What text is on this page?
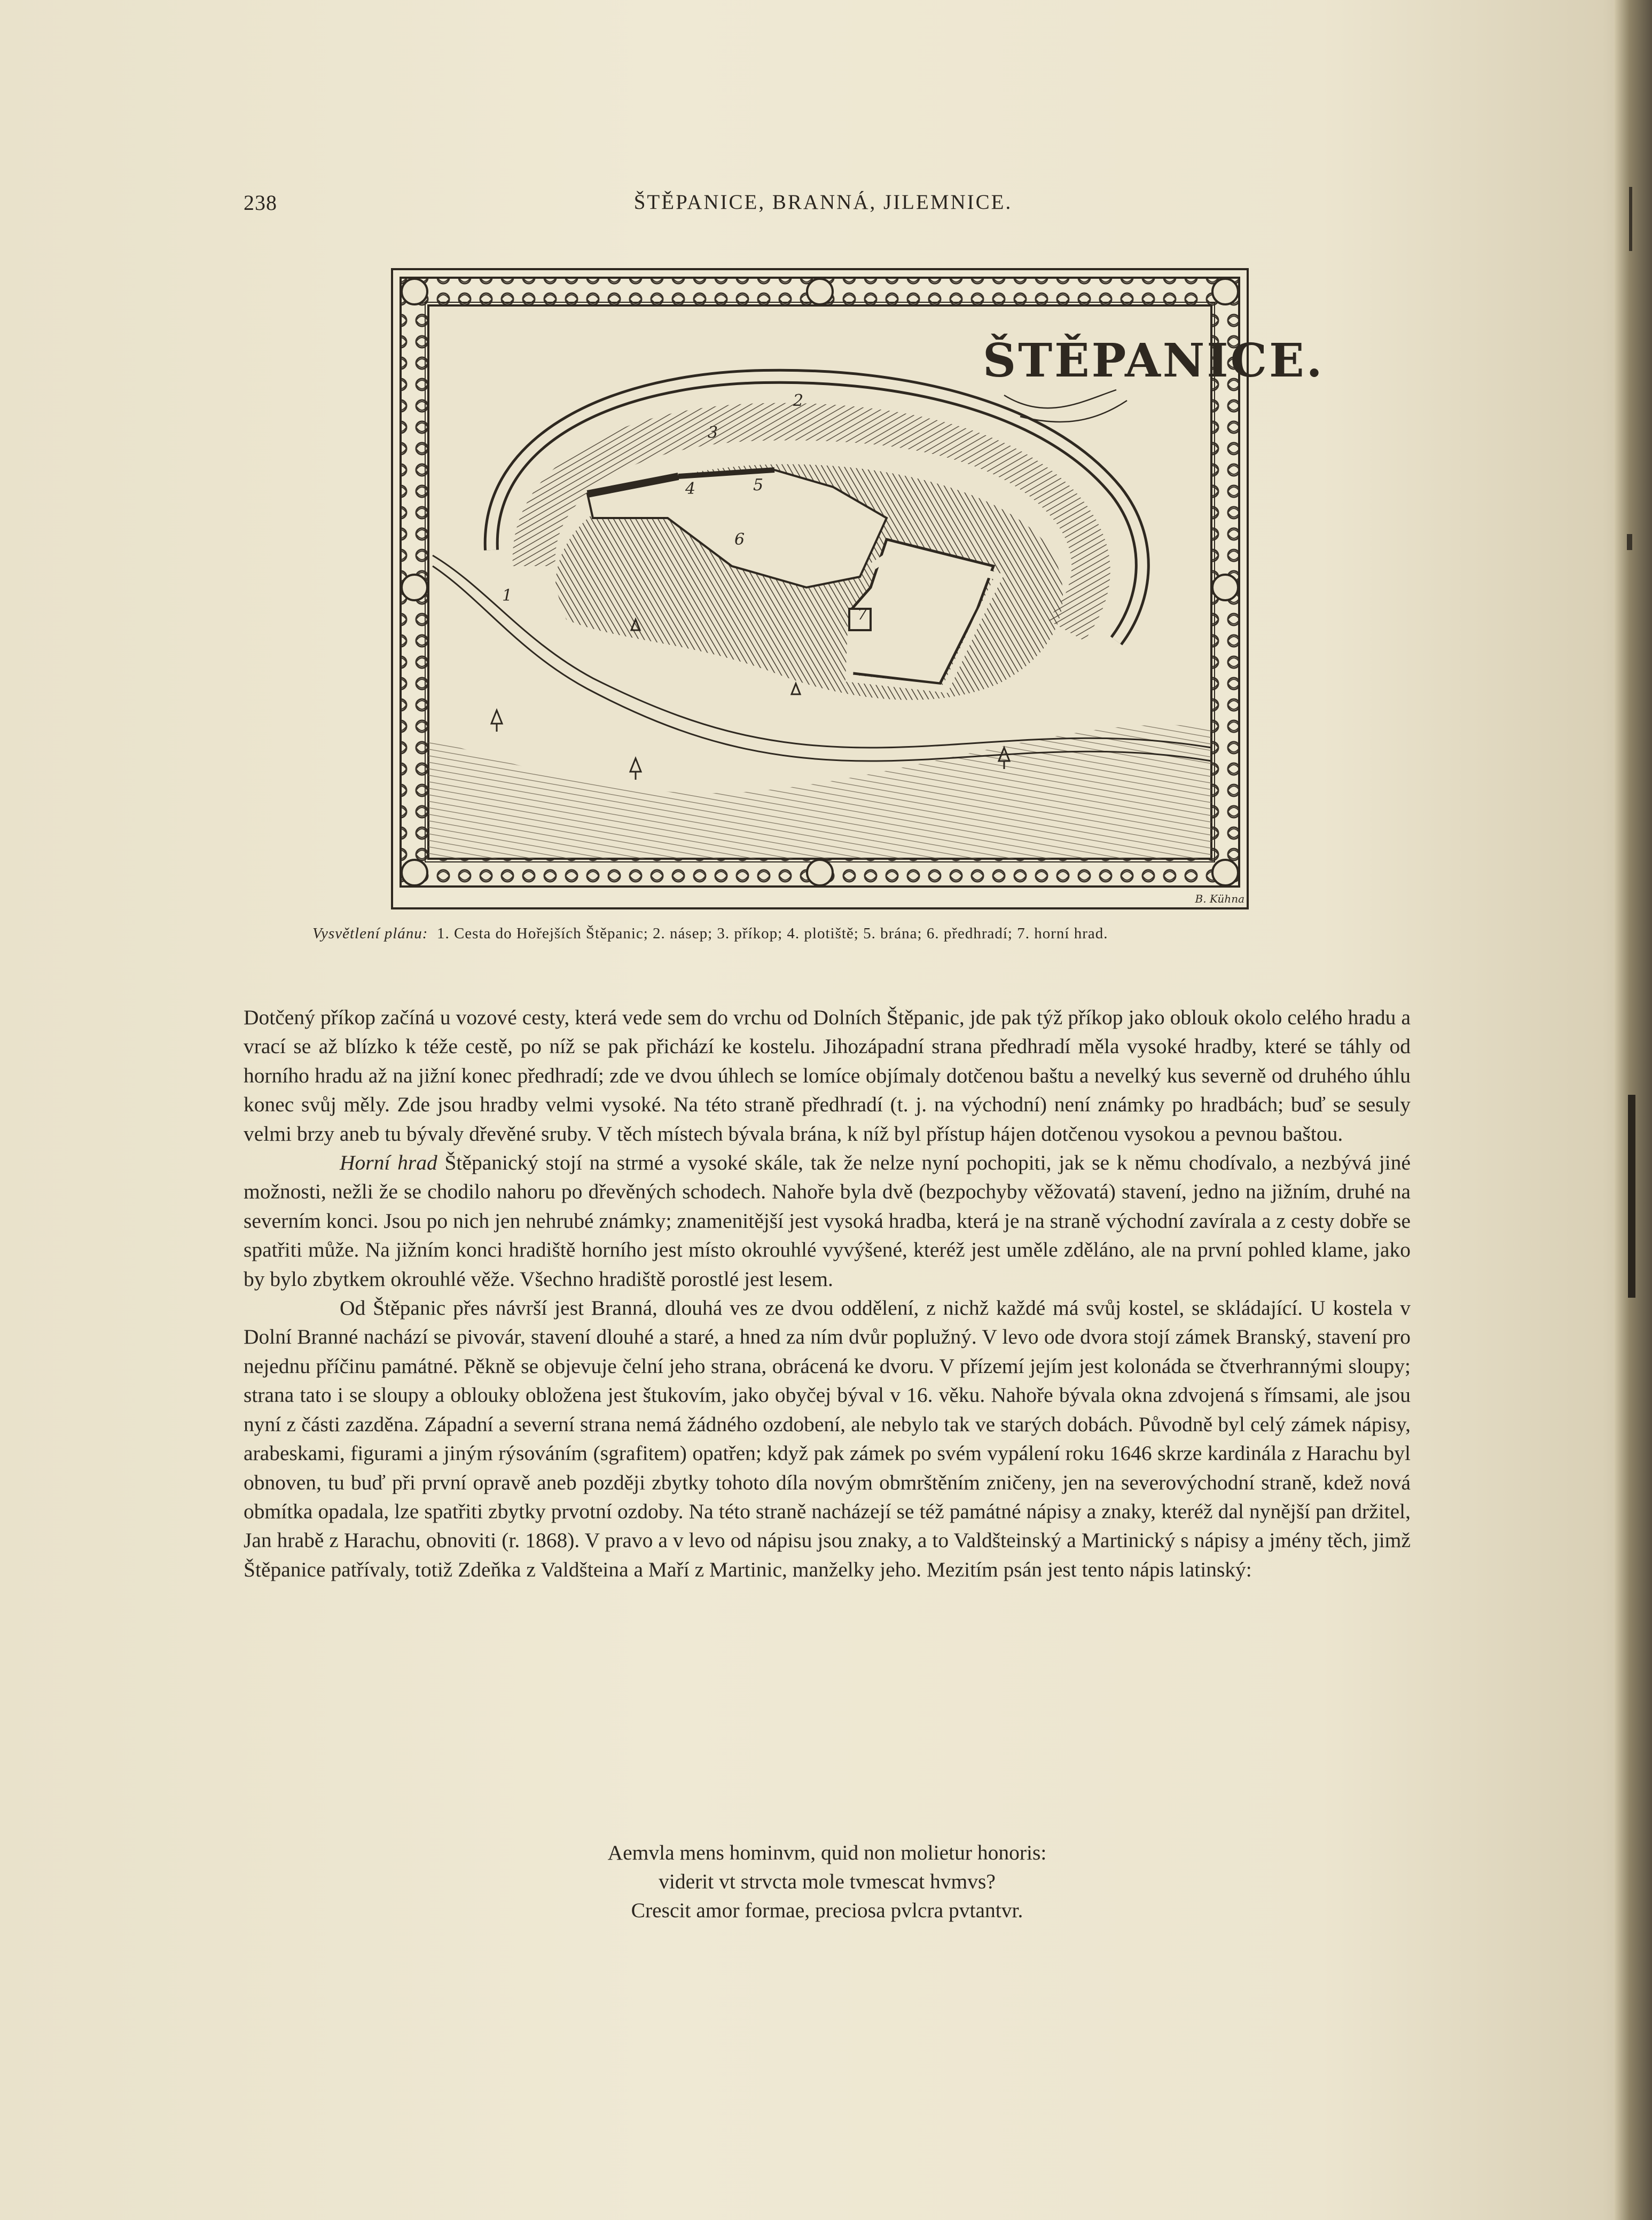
238	ŠTĚPANICE, BRANNÁ, JILEMNICE.
ŠTĚPANICE.
1
2
3
4	5
6
7
B. Kühna
Vysvětlení plánu: 1. Cesta do Hořejších Štěpanic; 2. násep; 3. příkop; 4. plotiště; 5. brána; 6. předhradí; 7. horní hrad.

Dotčený příkop začíná u vozové cesty, která vede sem do vrchu od Dolních Štěpanic, jde pak týž příkop jako oblouk okolo celého hradu a vrací se až blízko k téže cestě, po níž se pak přichází ke kostelu. Jihozápadní strana předhradí měla vysoké hradby, které se táhly od horního hradu až na jižní konec předhradí; zde ve dvou úhlech se lomíce objímaly dotčenou baštu a nevelký kus severně od druhého úhlu konec svůj měly. Zde jsou hradby velmi vysoké. Na této straně předhradí (t. j. na východní) není známky po hradbách; buď se sesuly velmi brzy aneb tu bývaly dřevěné sruby. V těch místech bývala brána, k níž byl přístup hájen dotčenou vysokou a pevnou baštou.

Horní hrad Štěpanický stojí na strmé a vysoké skále, tak že nelze nyní pochopiti, jak se k němu chodívalo, a nezbývá jiné možnosti, nežli že se chodilo nahoru po dřevěných schodech. Nahoře byla dvě (bezpochyby věžovatá) stavení, jedno na jižním, druhé na severním konci. Jsou po nich jen nehrubé známky; znamenitější jest vysoká hradba, která je na straně východní zavírala a z cesty dobře se spatřiti může. Na jižním konci hradiště horního jest místo okrouhlé vyvýšené, kteréž jest uměle zděláno, ale na první pohled klame, jako by bylo zbytkem okrouhlé věže. Všechno hradiště porostlé jest lesem.

Od Štěpanic přes návrší jest Branná, dlouhá ves ze dvou oddělení, z nichž každé má svůj kostel, se skládající. U kostela v Dolní Branné nachází se pivovár, stavení dlouhé a staré, a hned za ním dvůr poplužný. V levo ode dvora stojí zámek Branský, stavení pro nejednu příčinu památné. Pěkně se objevuje čelní jeho strana, obrácená ke dvoru. V přízemí jejím jest kolonáda se čtverhrannými sloupy; strana tato i se sloupy a oblouky obložena jest štukovím, jako obyčej býval v 16. věku. Nahoře bývala okna zdvojená s římsami, ale jsou nyní z části zazděna. Západní a severní strana nemá žádného ozdobení, ale nebylo tak ve starých dobách. Původně byl celý zámek nápisy, arabeskami, figurami a jiným rýsováním (sgrafitem) opatřen; když pak zámek po svém vypálení roku 1646 skrze kardinála z Harachu byl obnoven, tu buď při první opravě aneb později zbytky tohoto díla novým obmrštěním zničeny, jen na severovýchodní straně, kdež nová obmítka opadala, lze spatřiti zbytky prvotní ozdoby. Na této straně nacházejí se též památné nápisy a znaky, kteréž dal nynější pan držitel, Jan hrabě z Harachu, obnoviti (r. 1868). V pravo a v levo od nápisu jsou znaky, a to Valdšteinský a Martinický s nápisy a jmény těch, jimž Štěpanice patřívaly, totiž Zdeňka z Valdšteina a Maří z Martinic, manželky jeho. Mezitím psán jest tento nápis latinský:

Aemvla mens hominvm, quid non molietur honoris:
viderit vt strvcta mole tvmescat hvmvs?
Crescit amor formae, preciosa pvlcra pvtantvr.
